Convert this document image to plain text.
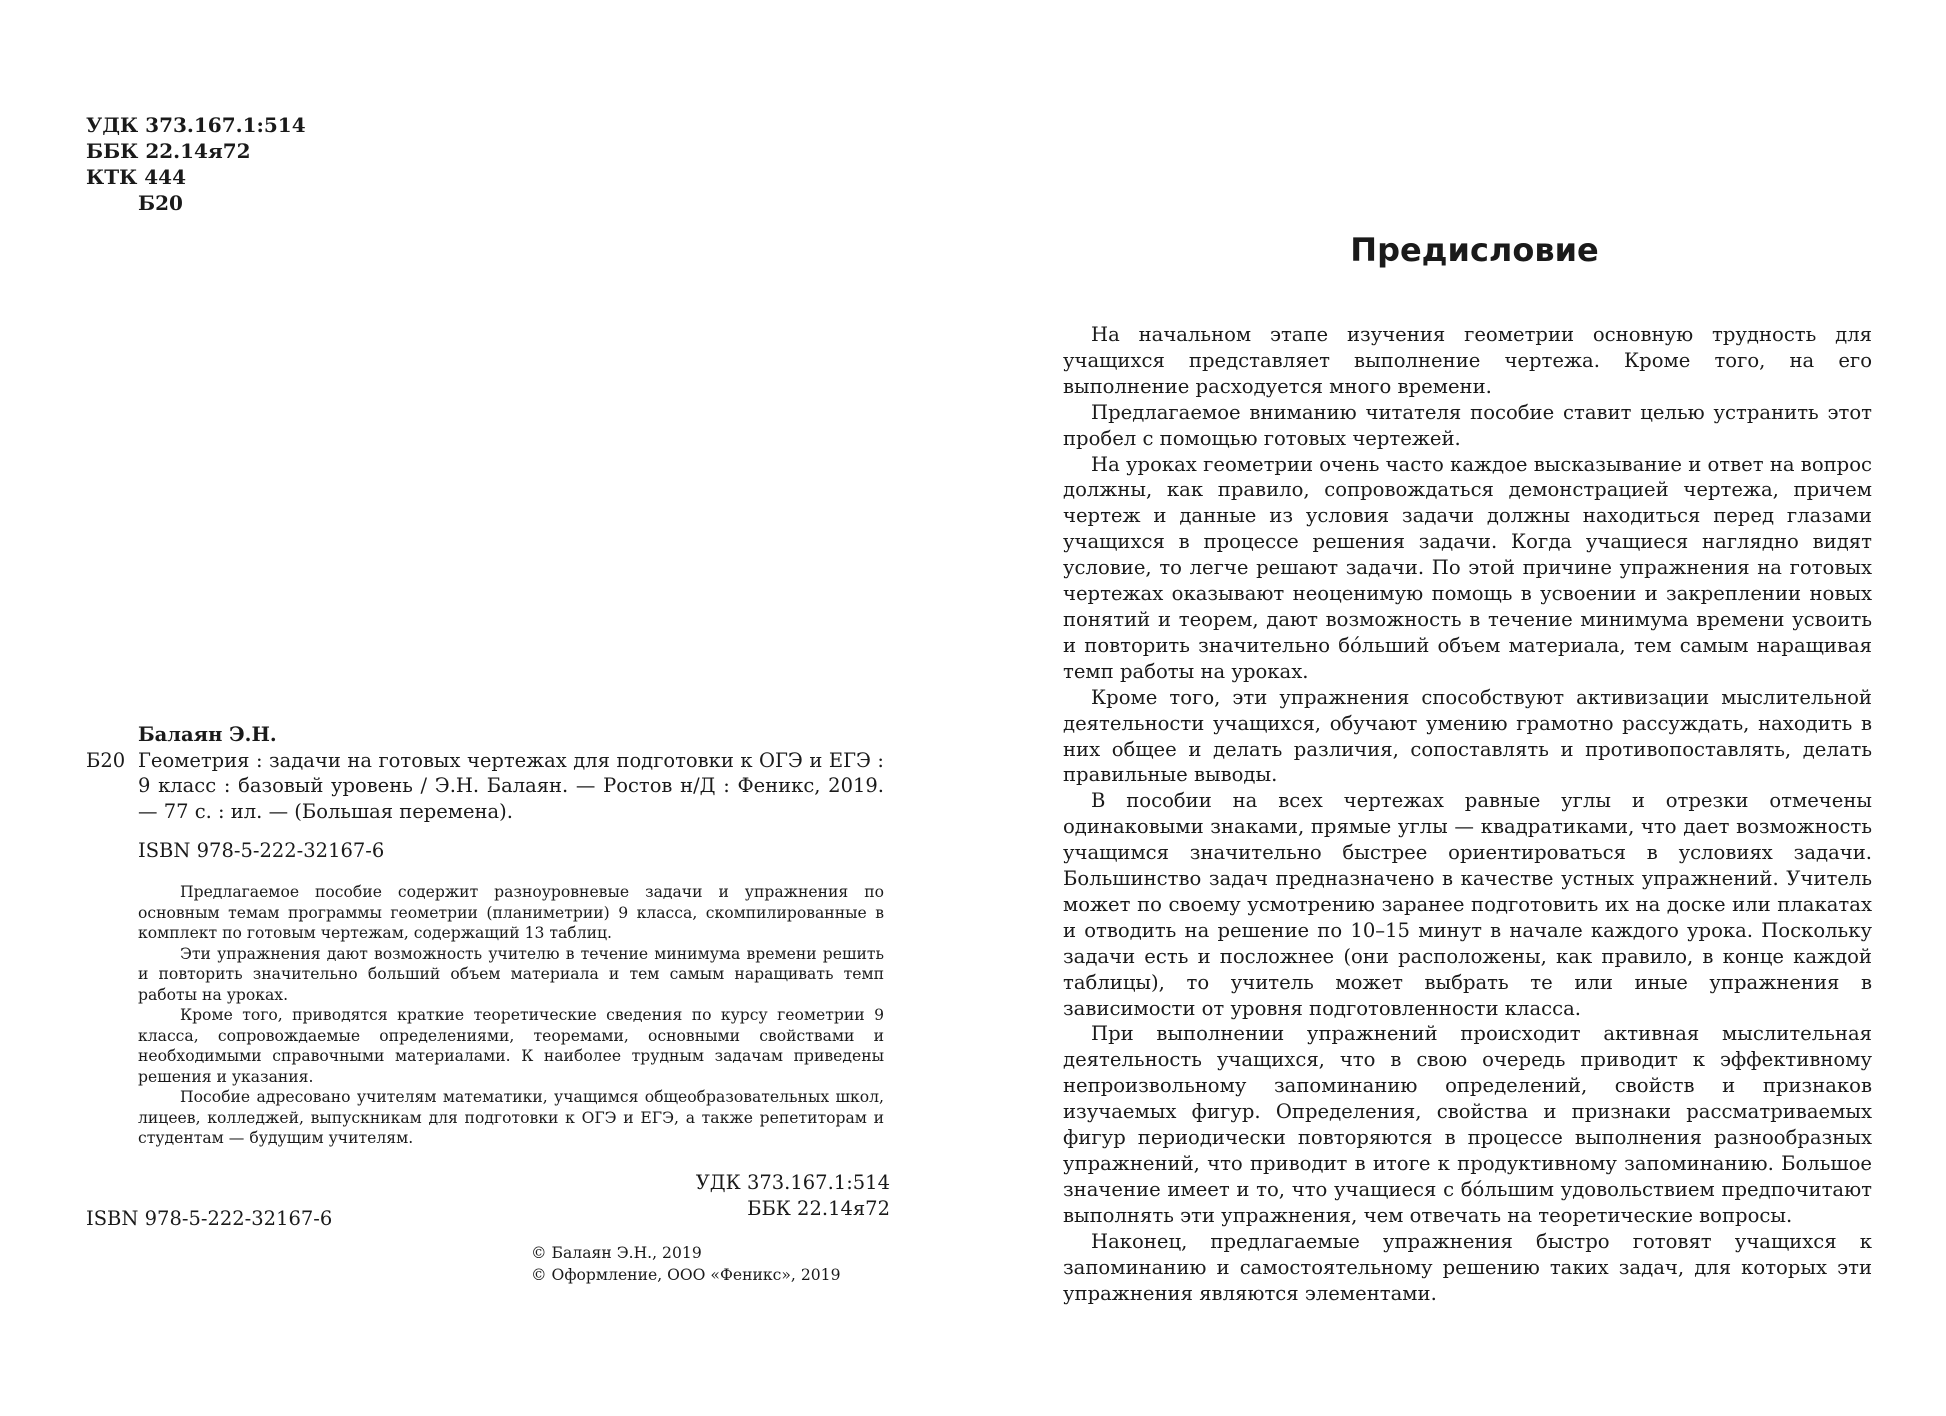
УДК 373.167.1:514
ББК 22.14я72
КТК 444
Б20
Балаян Э.Н.
Б20 Геометрия : задачи на готовых чертежах для подготовки к ОГЭ и ЕГЭ : 9 класс : базовый уровень / Э.Н. Балаян. — Ростов н/Д : Феникс, 2019. — 77 с. : ил. — (Большая перемена).
ISBN 978-5-222-32167-6

Предлагаемое пособие содержит разноуровневые задачи и упражнения по основным темам программы геометрии (планиметрии) 9 класса, скомпилированные в комплект по готовым чертежам, содержащий 13 таблиц.

Эти упражнения дают возможность учителю в течение минимума времени решить и повторить значительно больший объем материала и тем самым наращивать темп работы на уроках.

Кроме того, приводятся краткие теоретические сведения по курсу геометрии 9 класса, сопровождаемые определениями, теоремами, основными свойствами и необходимыми справочными материалами. К наиболее трудным задачам приведены решения и указания.

Пособие адресовано учителям математики, учащимся общеобразовательных школ, лицеев, колледжей, выпускникам для подготовки к ОГЭ и ЕГЭ, а также репетиторам и студентам — будущим учителям.

УДК 373.167.1:514
ББК 22.14я72
ISBN 978-5-222-32167-6
© Балаян Э.Н., 2019
© Оформление, ООО «Феникс», 2019
Предисловие

На начальном этапе изучения геометрии основную трудность для учащихся представляет выполнение чертежа. Кроме того, на его выполнение расходуется много времени.

Предлагаемое вниманию читателя пособие ставит целью устранить этот пробел с помощью готовых чертежей.

На уроках геометрии очень часто каждое высказывание и ответ на вопрос должны, как правило, сопровождаться демонстрацией чертежа, причем чертеж и данные из условия задачи должны находиться перед глазами учащихся в процессе решения задачи. Когда учащиеся наглядно видят условие, то легче решают задачи. По этой причине упражнения на готовых чертежах оказывают неоценимую помощь в усвоении и закреплении новых понятий и теорем, дают возможность в течение минимума времени усвоить и повторить значительно бóльший объем материала, тем самым наращивая темп работы на уроках.

Кроме того, эти упражнения способствуют активизации мыслительной деятельности учащихся, обучают умению грамотно рассуждать, находить в них общее и делать различия, сопоставлять и противопоставлять, делать правильные выводы.

В пособии на всех чертежах равные углы и отрезки отмечены одинаковыми знаками, прямые углы — квадратиками, что дает возможность учащимся значительно быстрее ориентироваться в условиях задачи. Большинство задач предназначено в качестве устных упражнений. Учитель может по своему усмотрению заранее подготовить их на доске или плакатах и отводить на решение по 10–15 минут в начале каждого урока. Поскольку задачи есть и посложнее (они расположены, как правило, в конце каждой таблицы), то учитель может выбрать те или иные упражнения в зависимости от уровня подготовленности класса.

При выполнении упражнений происходит активная мыслительная деятельность учащихся, что в свою очередь приводит к эффективному непроизвольному запоминанию определений, свойств и признаков изучаемых фигур. Определения, свойства и признаки рассматриваемых фигур периодически повторяются в процессе выполнения разнообразных упражнений, что приводит в итоге к продуктивному запоминанию. Большое значение имеет и то, что учащиеся с бóльшим удовольствием предпочитают выполнять эти упражнения, чем отвечать на теоретические вопросы.

Наконец, предлагаемые упражнения быстро готовят учащихся к запоминанию и самостоятельному решению таких задач, для которых эти упражнения являются элементами.
